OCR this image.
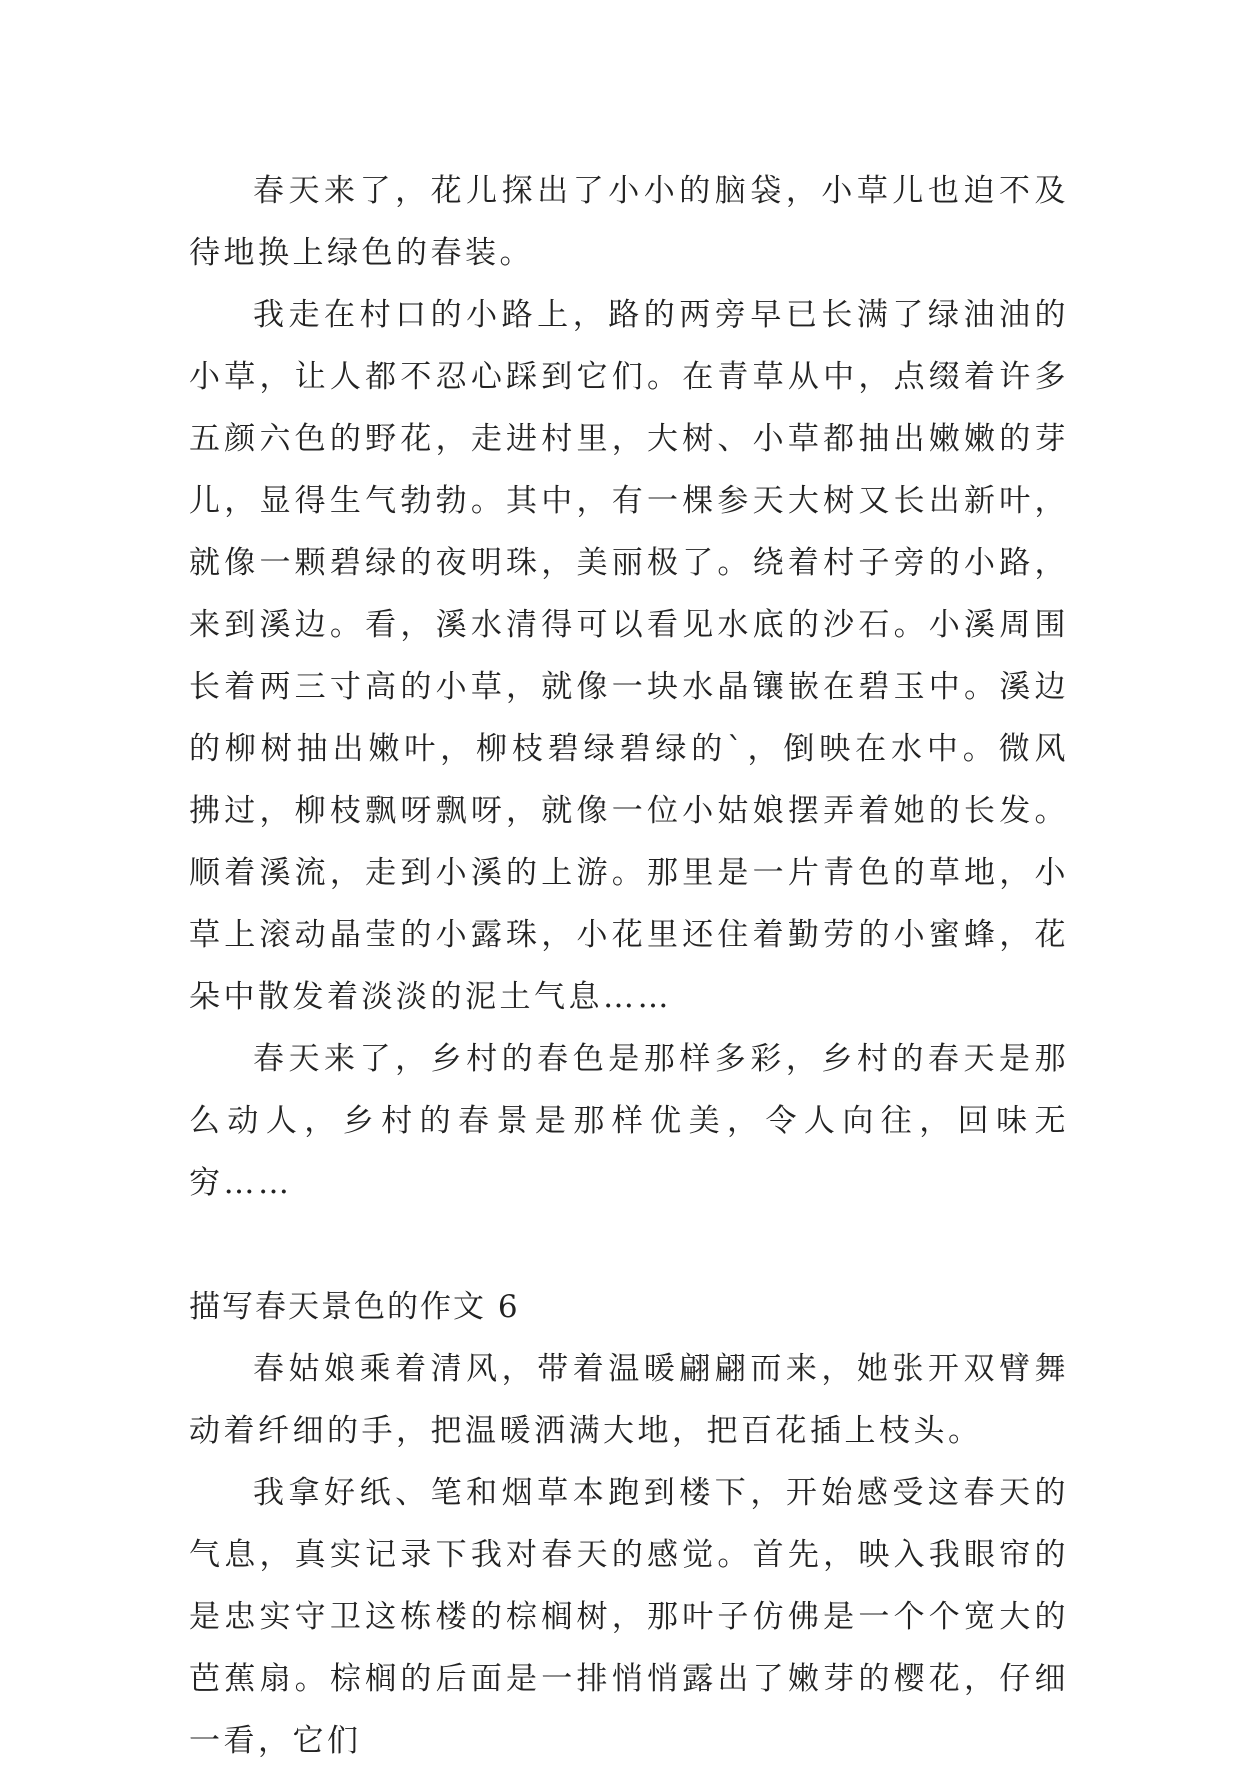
春天来了，花儿探出了小小的脑袋，小草儿也迫不及待地换上绿色的春装。

我走在村口的小路上，路的两旁早已长满了绿油油的小草，让人都不忍心踩到它们。在青草从中，点缀着许多五颜六色的野花，走进村里，大树、小草都抽出嫩嫩的芽儿，显得生气勃勃。其中，有一棵参天大树又长出新叶，就像一颗碧绿的夜明珠，美丽极了。绕着村子旁的小路，来到溪边。看，溪水清得可以看见水底的沙石。小溪周围长着两三寸高的小草，就像一块水晶镶嵌在碧玉中。溪边的柳树抽出嫩叶，柳枝碧绿碧绿的`，倒映在水中。微风拂过，柳枝飘呀飘呀，就像一位小姑娘摆弄着她的长发。顺着溪流，走到小溪的上游。那里是一片青色的草地，小草上滚动晶莹的小露珠，小花里还住着勤劳的小蜜蜂，花朵中散发着淡淡的泥土气息……

春天来了，乡村的春色是那样多彩，乡村的春天是那么动人，乡村的春景是那样优美，令人向往，回味无穷……

描写春天景色的作文 6

春姑娘乘着清风，带着温暖翩翩而来，她张开双臂舞动着纤细的手，把温暖洒满大地，把百花插上枝头。

我拿好纸、笔和烟草本跑到楼下，开始感受这春天的气息，真实记录下我对春天的感觉。首先，映入我眼帘的是忠实守卫这栋楼的棕榈树，那叶子仿佛是一个个宽大的芭蕉扇。棕榈的后面是一排悄悄露出了嫩芽的樱花，仔细一看，它们
